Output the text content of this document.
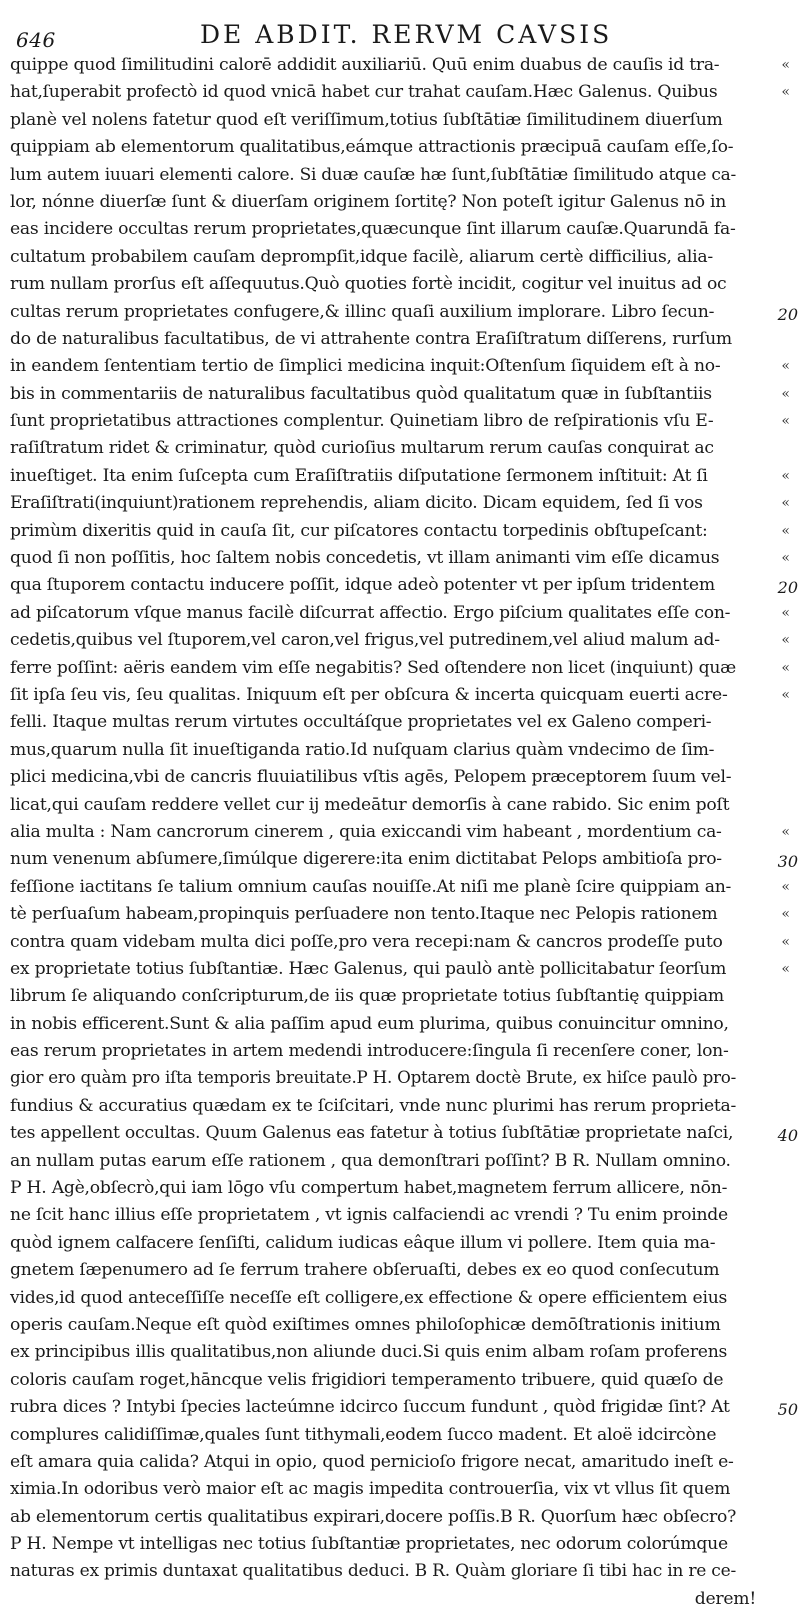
646	DE ABDIT. RERVM CAVSIS
quippe quod ſimilitudini calorē addidit auxiliariū. Quū enim duabus de cauſis id tra-	«
hat,ſuperabit profectò id quod vnicā habet cur trahat cauſam.Hæc Galenus. Quibus	«
planè vel nolens fatetur quod eſt veriſſimum,totius ſubſtātiæ ſimilitudinem diuerſum
quippiam ab elementorum qualitatibus,eámque attractionis præcipuā cauſam eſſe,ſo-
lum autem iuuari elementi calore. Si duæ cauſæ hæ ſunt,ſubſtātiæ ſimilitudo atque ca-
lor, nónne diuerſæ ſunt & diuerſam originem ſortitę? Non poteſt igitur Galenus nō in
eas incidere occultas rerum proprietates,quæcunque ſint illarum cauſæ.Quarundā fa-
cultatum probabilem cauſam deprompſit,idque facilè, aliarum certè difficilius, alia-
rum nullam prorſus eſt aſſequutus.Quò quoties fortè incidit, cogitur vel inuitus ad oc
cultas rerum proprietates confugere,& illinc quaſi auxilium implorare. Libro ſecun-	20
do de naturalibus facultatibus, de vi attrahente contra Eraſiſtratum diſſerens, rurſum
in eandem ſententiam tertio de ſimplici medicina inquit:Oſtenſum ſiquidem eſt à no-	«
bis in commentariis de naturalibus facultatibus quòd qualitatum quæ in ſubſtantiis	«
ſunt proprietatibus attractiones complentur. Quinetiam libro de reſpirationis vſu E-	«
raſiſtratum ridet & criminatur, quòd curioſius multarum rerum cauſas conquirat ac
inueſtiget. Ita enim ſuſcepta cum Eraſiſtratiis diſputatione ſermonem inſtituit: At ſi	«
Eraſiſtrati(inquiunt)rationem reprehendis, aliam dicito. Dicam equidem, ſed ſi vos	«
primùm dixeritis quid in cauſa ſit, cur piſcatores contactu torpedinis obſtupeſcant:	«
quod ſi non poſſitis, hoc ſaltem nobis concedetis, vt illam animanti vim eſſe dicamus	«
qua ſtuporem contactu inducere poſſit, idque adeò potenter vt per ipſum tridentem	20
ad piſcatorum vſque manus facilè diſcurrat affectio. Ergo piſcium qualitates eſſe con-	«
cedetis,quibus vel ſtuporem,vel caron,vel frigus,vel putredinem,vel aliud malum ad-	«
ferre poſſint: aëris eandem vim eſſe negabitis? Sed oſtendere non licet (inquiunt) quæ	«
ſit ipſa ſeu vis, ſeu qualitas. Iniquum eſt per obſcura & incerta quicquam euerti acre-	«
felli. Itaque multas rerum virtutes occultáſque proprietates vel ex Galeno comperi-
mus,quarum nulla ſit inueſtiganda ratio.Id nuſquam clarius quàm vndecimo de ſim-
plici medicina,vbi de cancris fluuiatilibus vſtis agēs, Pelopem præceptorem ſuum vel-
licat,qui cauſam reddere vellet cur ij medeātur demorſis à cane rabido. Sic enim poſt
alia multa : Nam cancrorum cinerem , quia exiccandi vim habeant , mordentium ca-	«
num venenum abſumere,ſimúlque digerere:ita enim dictitabat Pelops ambitioſa pro-	30
feſſione iactitans ſe talium omnium cauſas nouiſſe.At niſi me planè ſcire quippiam an-	«
tè perſuaſum habeam,propinquis perſuadere non tento.Itaque nec Pelopis rationem	«
contra quam videbam multa dici poſſe,pro vera recepi:nam & cancros prodeſſe puto	«
ex proprietate totius ſubſtantiæ. Hæc Galenus, qui paulò antè pollicitabatur ſeorſum	«
librum ſe aliquando conſcripturum,de iis quæ proprietate totius ſubſtantię quippiam
in nobis efficerent.Sunt & alia paſſim apud eum plurima, quibus conuincitur omnino,
eas rerum proprietates in artem medendi introducere:ſingula ſi recenſere coner, lon-
gior ero quàm pro iſta temporis breuitate.P H. Optarem doctè Brute, ex hiſce paulò pro-
fundius & accuratius quædam ex te ſciſcitari, vnde nunc plurimi has rerum proprieta-
tes appellent occultas. Quum Galenus eas fatetur à totius ſubſtātiæ proprietate naſci,	40
an nullam putas earum eſſe rationem , qua demonſtrari poſſint? B R. Nullam omnino.
P H. Agè,obſecrò,qui iam lōgo vſu compertum habet,magnetem ferrum allicere, nōn-
ne ſcit hanc illius eſſe proprietatem , vt ignis calfaciendi ac vrendi ? Tu enim proinde
quòd ignem calfacere ſenſiſti, calidum iudicas eâque illum vi pollere. Item quia ma-
gnetem ſæpenumero ad ſe ferrum trahere obſeruaſti, debes ex eo quod conſecutum
vides,id quod anteceſſiſſe neceſſe eſt colligere,ex effectione & opere efficientem eius
operis cauſam.Neque eſt quòd exiſtimes omnes philoſophicæ demōſtrationis initium
ex principibus illis qualitatibus,non aliunde duci.Si quis enim albam roſam proferens
coloris cauſam roget,hāncque velis frigidiori temperamento tribuere, quid quæſo de
rubra dices ? Intybi ſpecies lacteúmne idcirco ſuccum fundunt , quòd frigidæ ſint? At	50
complures calidiſſimæ,quales ſunt tithymali,eodem ſucco madent. Et aloë idcircòne
eſt amara quia calida? Atqui in opio, quod pernicioſo frigore necat, amaritudo ineſt e-
ximia.In odoribus verò maior eſt ac magis impedita controuerſia, vix vt vllus ſit quem
ab elementorum certis qualitatibus expirari,docere poſſis.B R. Quorſum hæc obſecro?
P H. Nempe vt intelligas nec totius ſubſtantiæ proprietates, nec odorum colorúmque
naturas ex primis duntaxat qualitatibus deduci. B R. Quàm gloriare ſi tibi hac in re ce-
derem!
